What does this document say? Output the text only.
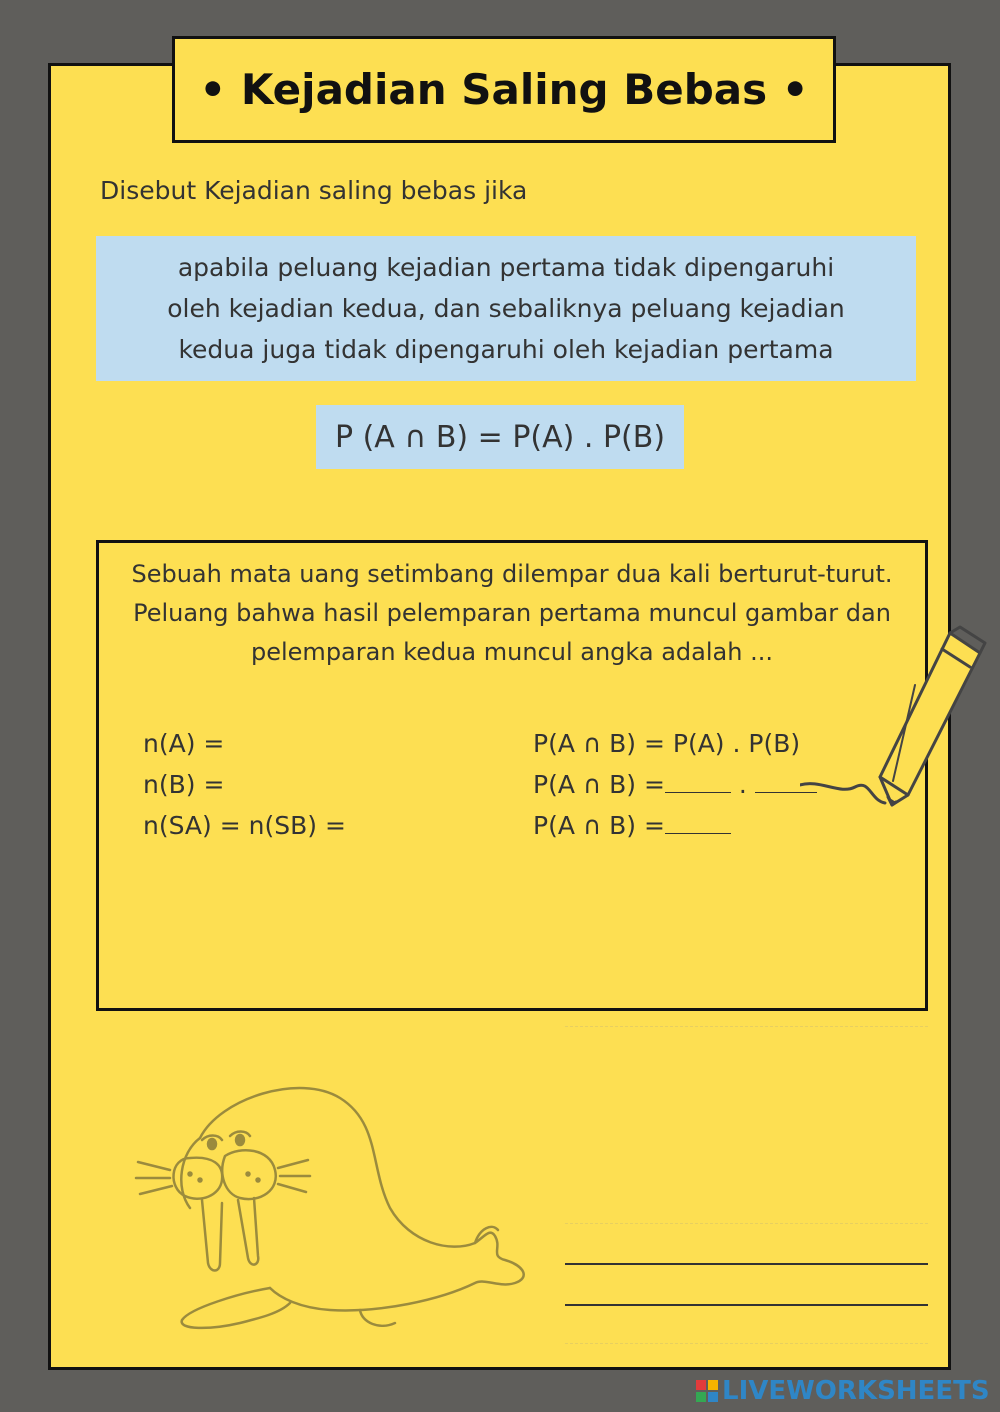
• Kejadian Saling Bebas •
Disebut Kejadian saling bebas jika
apabila peluang kejadian pertama tidak dipengaruhi
oleh kejadian kedua, dan sebaliknya peluang kejadian
kedua juga tidak dipengaruhi oleh kejadian pertama
P (A ∩ B) = P(A) . P(B)
Sebuah mata uang setimbang dilempar dua kali berturut-turut.
Peluang bahwa hasil pelemparan pertama muncul gambar dan
pelemparan kedua muncul angka adalah ...
n(A) =
n(B) =
n(SA) = n(SB) =
P(A ∩ B) = P(A) . P(B)
P(A ∩ B) =	.
P(A ∩ B) =
LIVEWORKSHEETS
